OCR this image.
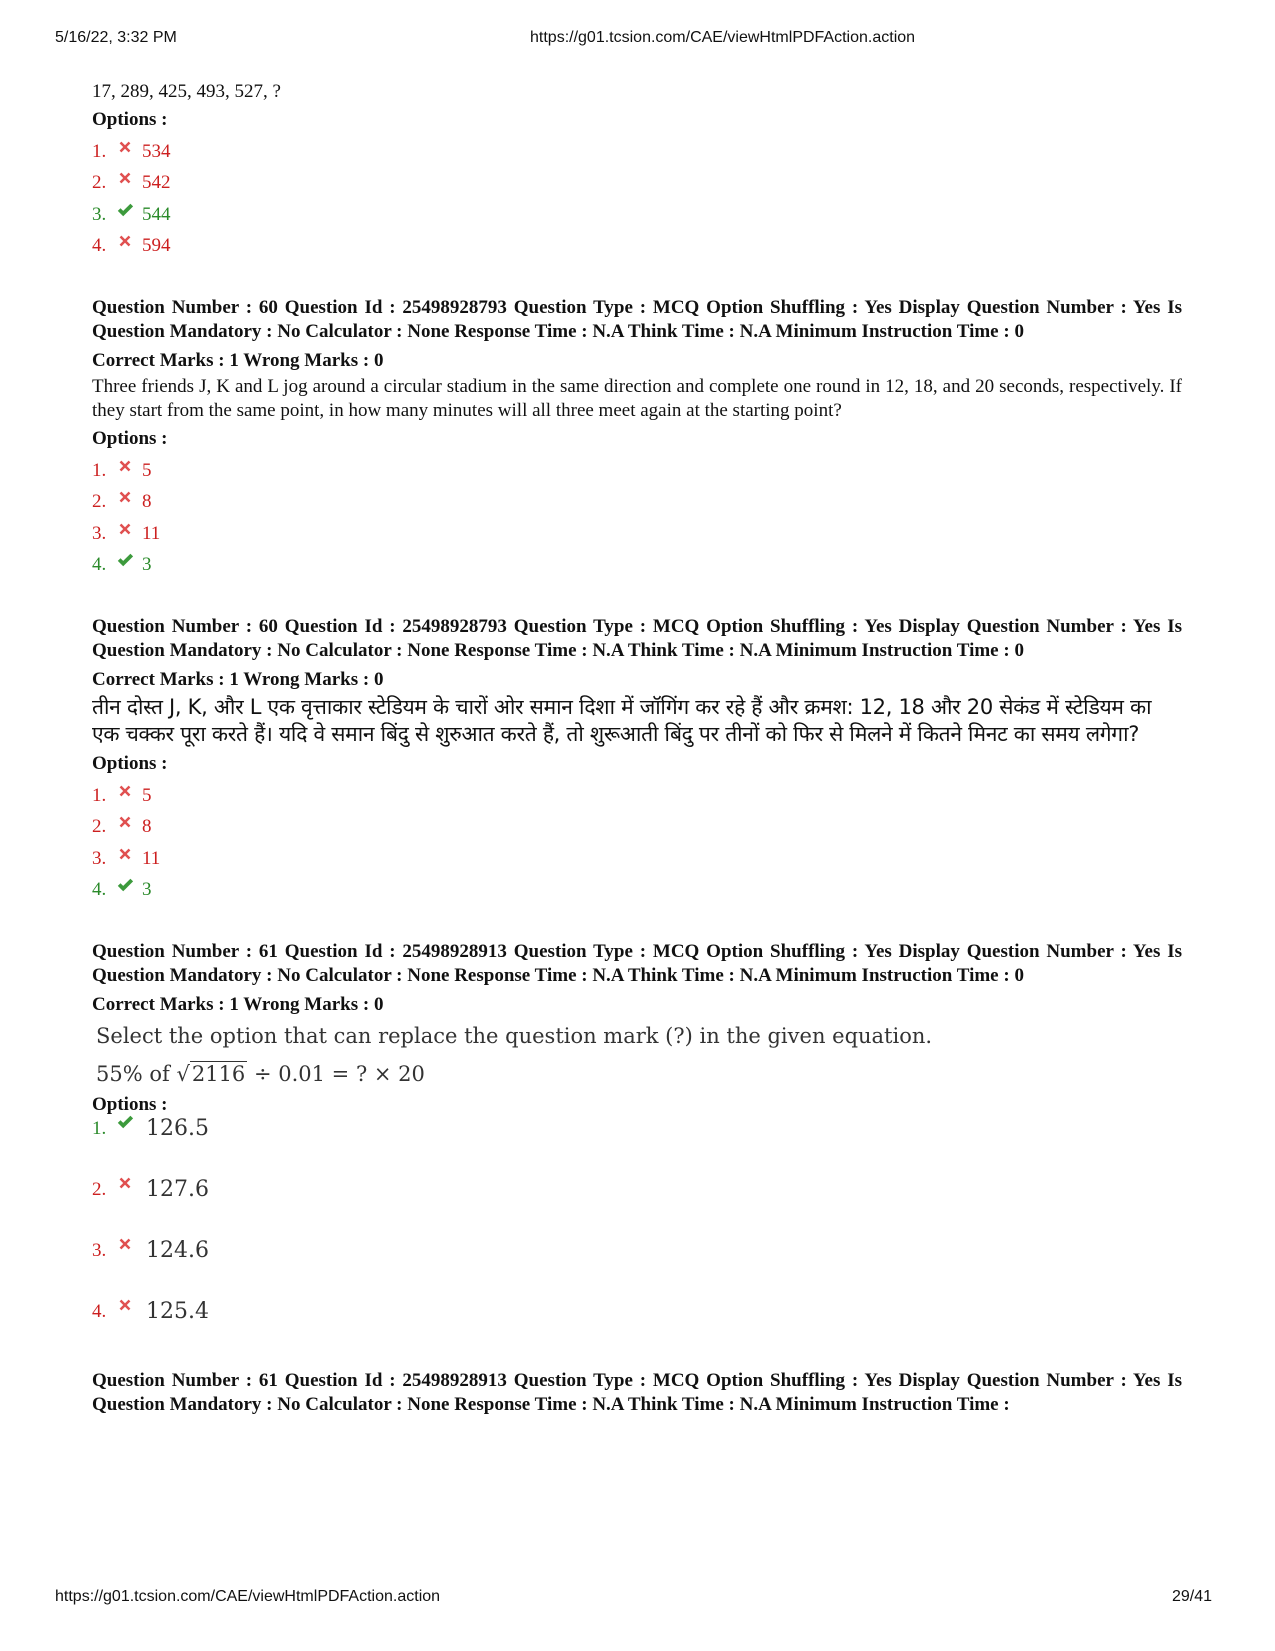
5/16/22, 3:32 PM	https://g01.tcsion.com/CAE/viewHtmlPDFAction.action

17, 289, 425, 493, 527, ?

Options :
1.	534
2.	542
3.	544
4.	594

Question Number : 60 Question Id : 25498928793 Question Type : MCQ Option Shuffling : Yes Display Question Number : Yes Is Question Mandatory : No Calculator : None Response Time : N.A Think Time : N.A Minimum Instruction Time : 0

Correct Marks : 1 Wrong Marks : 0

Three friends J, K and L jog around a circular stadium in the same direction and complete one round in 12, 18, and 20 seconds, respectively. If they start from the same point, in how many minutes will all three meet again at the starting point?

Options :
1.	5
2.	8
3.	11
4.	3

Question Number : 60 Question Id : 25498928793 Question Type : MCQ Option Shuffling : Yes Display Question Number : Yes Is Question Mandatory : No Calculator : None Response Time : N.A Think Time : N.A Minimum Instruction Time : 0

Correct Marks : 1 Wrong Marks : 0

तीन दोस्त J, K, और L एक वृत्ताकार स्टेडियम के चारों ओर समान दिशा में जॉगिंग कर रहे हैं और क्रमश: 12, 18 और 20 सेकंड में स्टेडियम का एक चक्कर पूरा करते हैं। यदि वे समान बिंदु से शुरुआत करते हैं, तो शुरूआती बिंदु पर तीनों को फिर से मिलने में कितने मिनट का समय लगेगा?

Options :
1.	5
2.	8
3.	11
4.	3

Question Number : 61 Question Id : 25498928913 Question Type : MCQ Option Shuffling : Yes Display Question Number : Yes Is Question Mandatory : No Calculator : None Response Time : N.A Think Time : N.A Minimum Instruction Time : 0

Correct Marks : 1 Wrong Marks : 0

Select the option that can replace the question mark (?) in the given equation.
55% of √2116 ÷ 0.01 = ? × 20
Options :
1.	126.5
2.	127.6
3.	124.6
4.	125.4

Question Number : 61 Question Id : 25498928913 Question Type : MCQ Option Shuffling : Yes Display Question Number : Yes Is Question Mandatory : No Calculator : None Response Time : N.A Think Time : N.A Minimum Instruction Time :

https://g01.tcsion.com/CAE/viewHtmlPDFAction.action	29/41
